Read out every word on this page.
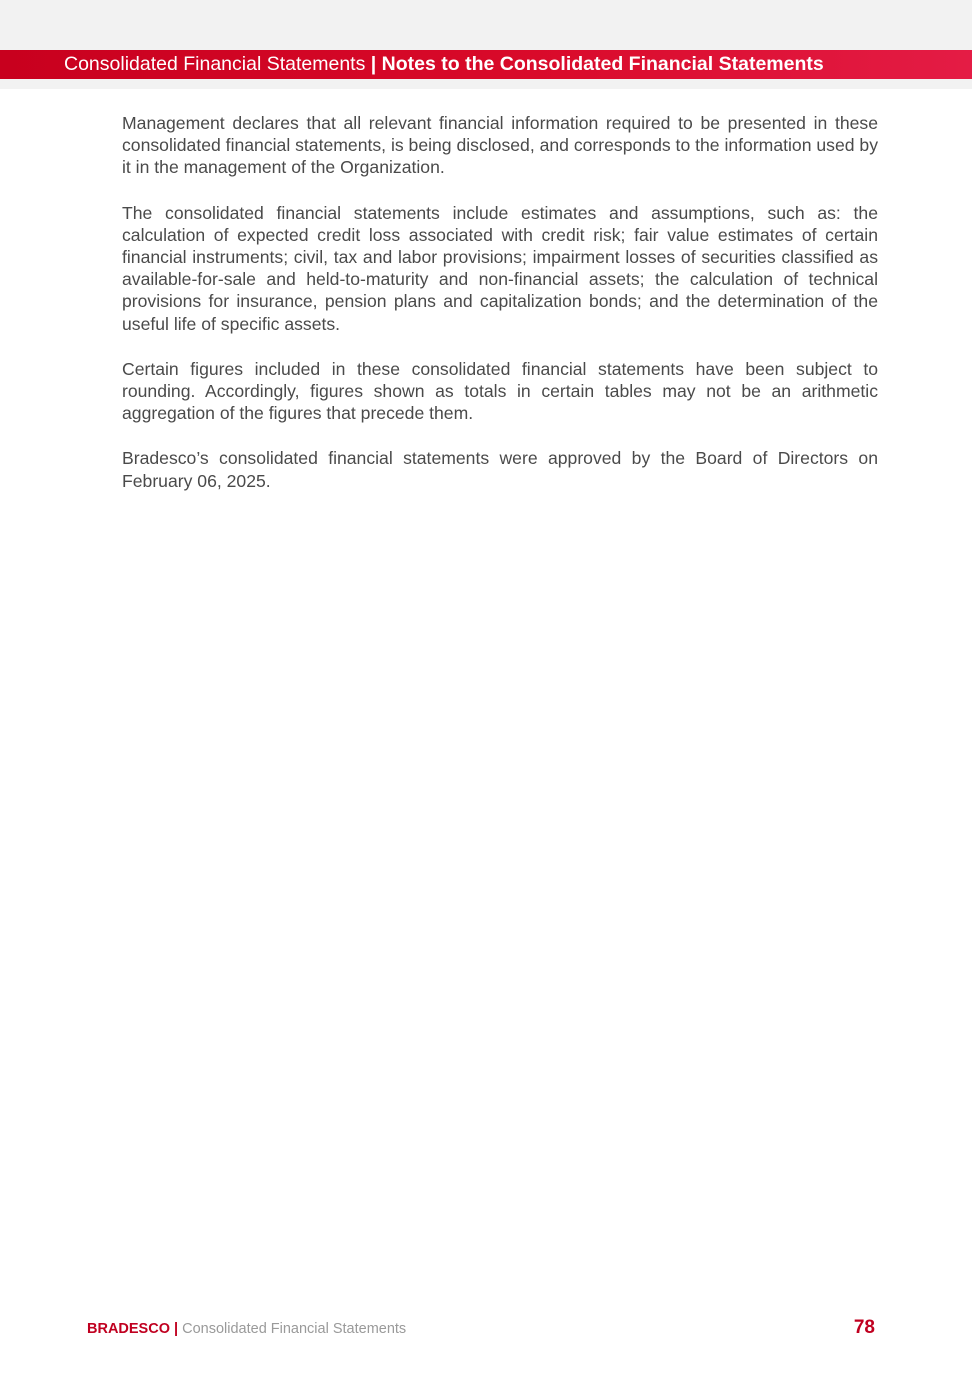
Consolidated Financial Statements | Notes to the Consolidated Financial Statements

Management declares that all relevant financial information required to be presented in these consolidated financial statements, is being disclosed, and corresponds to the information used by it in the management of the Organization.

The consolidated financial statements include estimates and assumptions, such as: the calculation of expected credit loss associated with credit risk; fair value estimates of certain financial instruments; civil, tax and labor provisions; impairment losses of securities classified as available-for-sale and held-to-maturity and non-financial assets; the calculation of technical provisions for insurance, pension plans and capitalization bonds; and the determination of the useful life of specific assets.

Certain figures included in these consolidated financial statements have been subject to rounding. Accordingly, figures shown as totals in certain tables may not be an arithmetic aggregation of the figures that precede them.

Bradesco’s consolidated financial statements were approved by the Board of Directors on February 06, 2025.

BRADESCO | Consolidated Financial Statements	78
